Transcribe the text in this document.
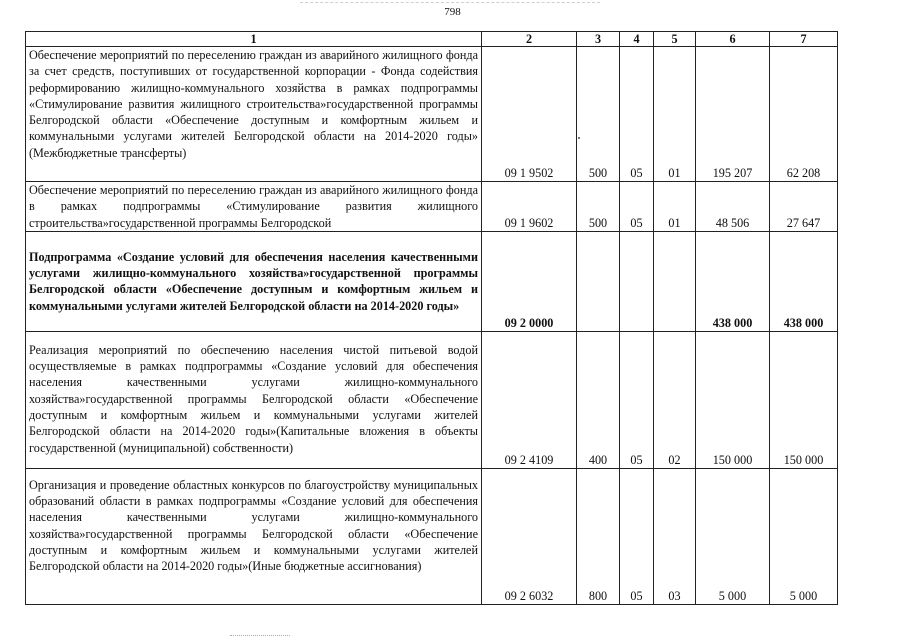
798
1	2	3	4	5	6	7
Обеспечение мероприятий по переселению граждан из аварийного жилищного фонда за счет средств, поступивших от государственной корпорации - Фонда содействия реформированию жилищно-коммунального хозяйства в рамках подпрограммы «Стимулирование развития жилищного строительства»государственной программы Белгородской области «Обеспечение доступным и комфортным жильем и коммунальными услугами жителей Белгородской области на 2014-2020 годы» (Межбюджетные трансферты)	09 1 9502	500	05	01	195 207	62 208
Обеспечение мероприятий по переселению граждан из аварийного жилищного фонда в рамках подпрограммы «Стимулирование развития жилищного строительства»государственной программы Белгородской	09 1 9602	500	05	01	48 506	27 647
Подпрограмма «Создание условий для обеспечения населения качественными услугами жилищно-коммунального хозяйства»государственной программы Белгородской области «Обеспечение доступным и комфортным жильем и коммунальными услугами жителей Белгородской области на 2014-2020 годы»	09 2 0000				438 000	438 000
Реализация мероприятий по обеспечению населения чистой питьевой водой осуществляемые в рамках подпрограммы «Создание условий для обеспечения населения качественными услугами жилищно-коммунального хозяйства»государственной программы Белгородской области «Обеспечение доступным и комфортным жильем и коммунальными услугами жителей Белгородской области на 2014-2020 годы»(Капитальные вложения в объекты государственной (муниципальной) собственности)	09 2 4109	400	05	02	150 000	150 000
Организация и проведение областных конкурсов по благоустройству муниципальных образований области в рамках подпрограммы «Создание условий для обеспечения населения качественными услугами жилищно-коммунального хозяйства»государственной программы Белгородской области «Обеспечение доступным и комфортным жильем и коммунальными услугами жителей Белгородской области на 2014-2020 годы»(Иные бюджетные ассигнования)	09 2 6032	800	05	03	5 000	5 000
